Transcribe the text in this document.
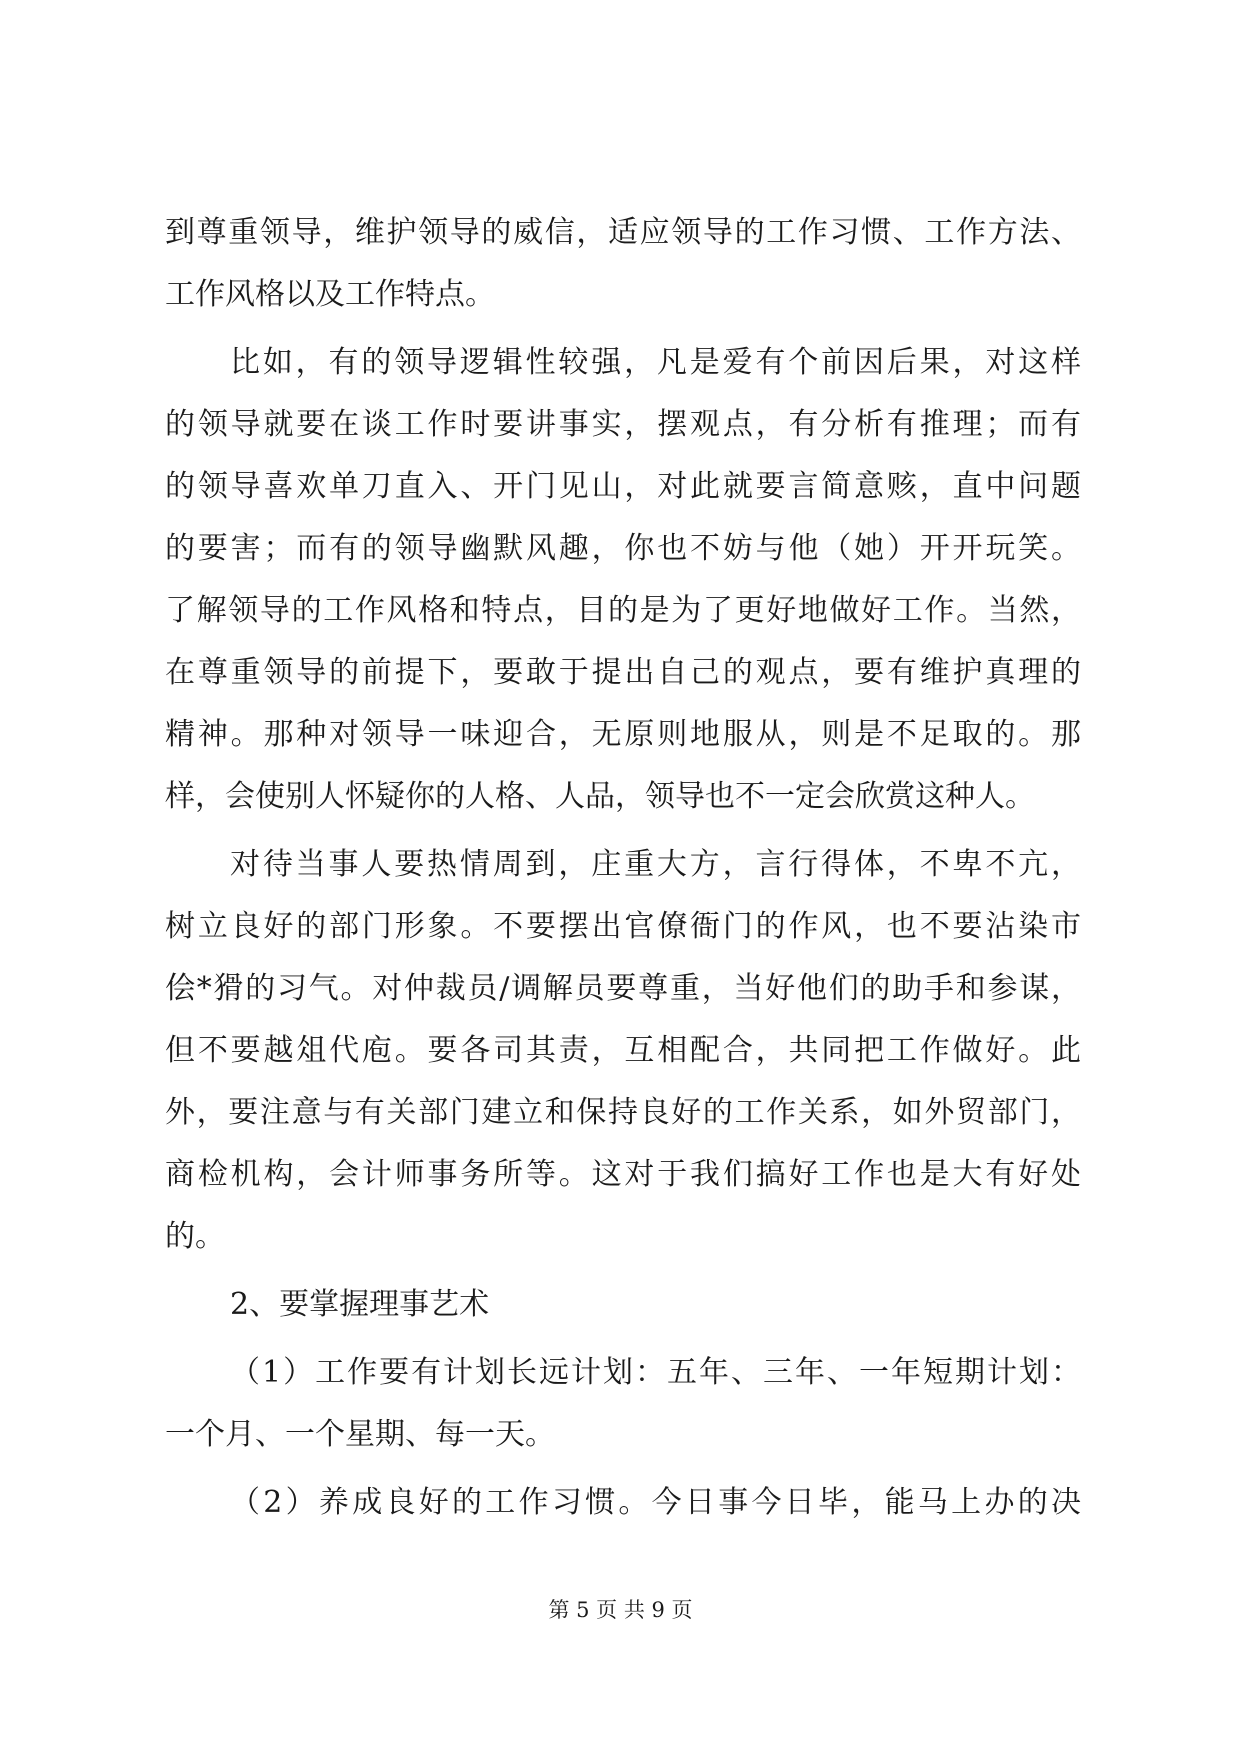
到尊重领导，维护领导的威信，适应领导的工作习惯、工作方法、
工作风格以及工作特点。
比如，有的领导逻辑性较强，凡是爱有个前因后果，对这样
的领导就要在谈工作时要讲事实，摆观点，有分析有推理；而有
的领导喜欢单刀直入、开门见山，对此就要言简意赅，直中问题
的要害；而有的领导幽默风趣，你也不妨与他（她）开开玩笑。
了解领导的工作风格和特点，目的是为了更好地做好工作。当然，
在尊重领导的前提下，要敢于提出自己的观点，要有维护真理的
精神。那种对领导一味迎合，无原则地服从，则是不足取的。那
样，会使别人怀疑你的人格、人品，领导也不一定会欣赏这种人。
对待当事人要热情周到，庄重大方，言行得体，不卑不亢，
树立良好的部门形象。不要摆出官僚衙门的作风，也不要沾染市
侩*猾的习气。对仲裁员/调解员要尊重，当好他们的助手和参谋，
但不要越俎代庖。要各司其责，互相配合，共同把工作做好。此
外，要注意与有关部门建立和保持良好的工作关系，如外贸部门，
商检机构，会计师事务所等。这对于我们搞好工作也是大有好处
的。
2、要掌握理事艺术
（1）工作要有计划长远计划：五年、三年、一年短期计划：
一个月、一个星期、每一天。
（2）养成良好的工作习惯。今日事今日毕，能马上办的决
第 5 页 共 9 页
